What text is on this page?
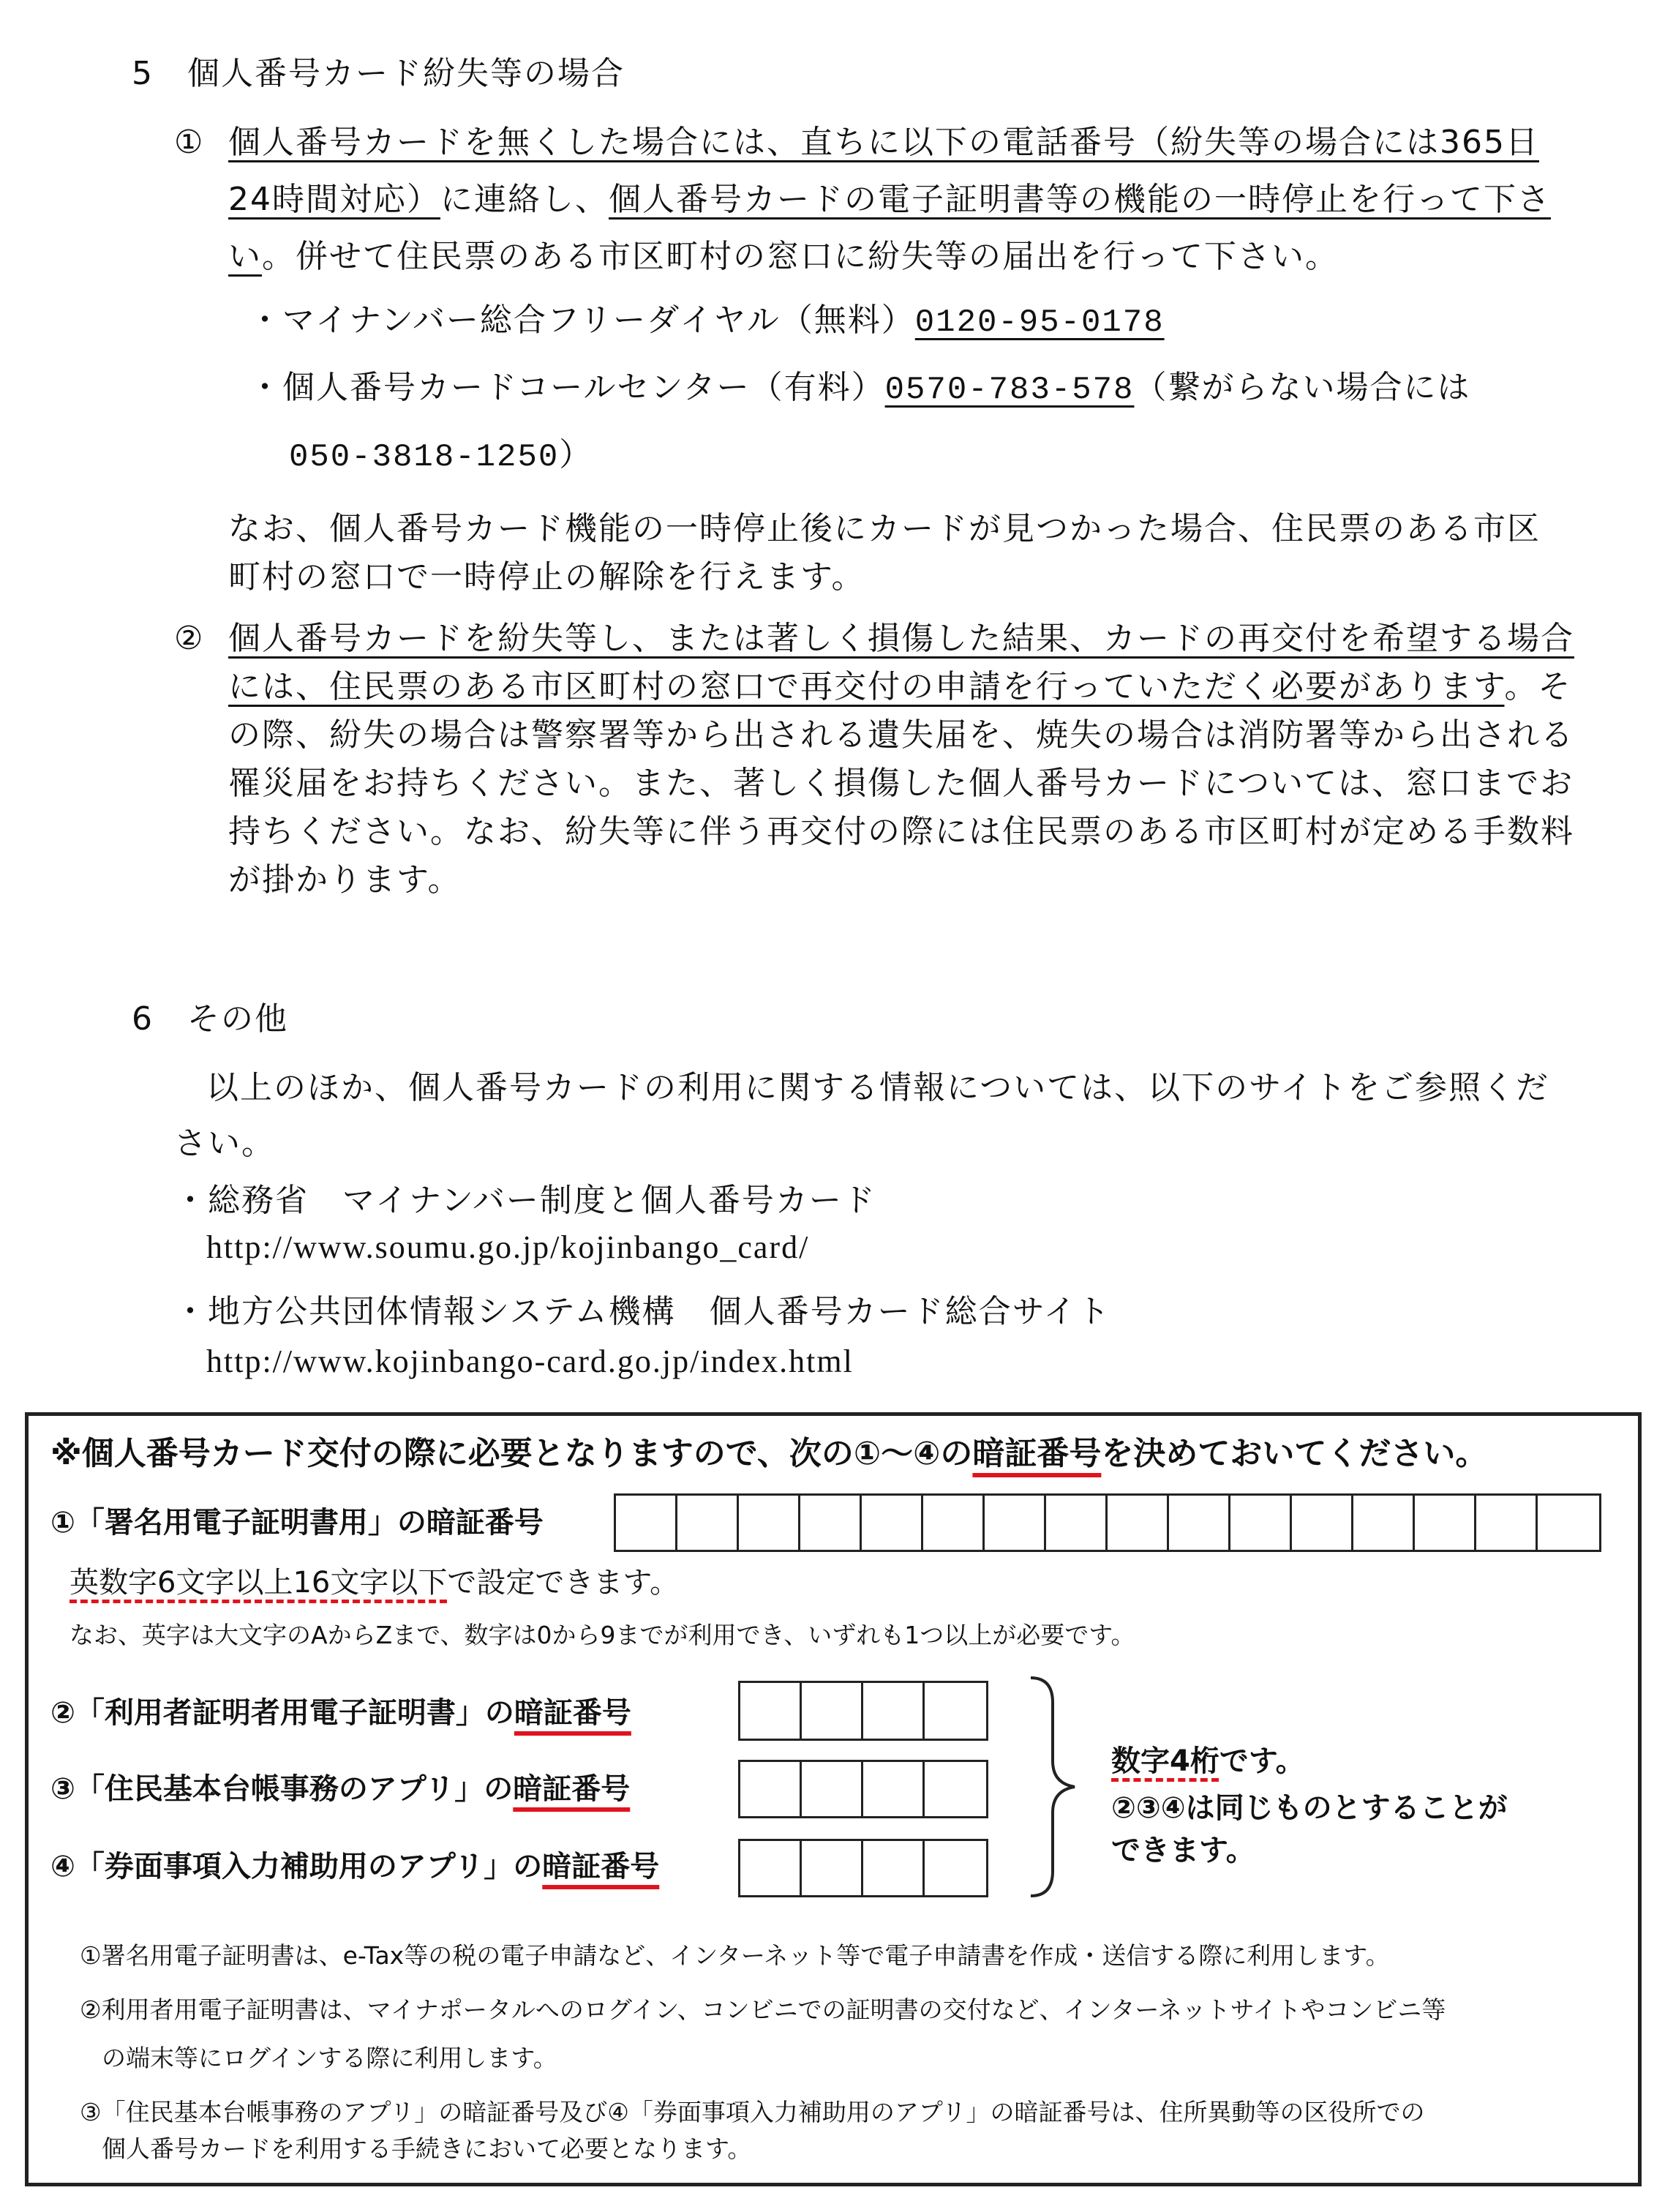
5　個人番号カード紛失等の場合
① 個人番号カードを無くした場合には、直ちに以下の電話番号（紛失等の場合には365日
24時間対応）に連絡し、個人番号カードの電子証明書等の機能の一時停止を行って下さ
い。併せて住民票のある市区町村の窓口に紛失等の届出を行って下さい。
・マイナンバー総合フリーダイヤル（無料）0120-95-0178
・個人番号カードコールセンター（有料）0570-783-578（繋がらない場合には
050-3818-1250）
なお、個人番号カード機能の一時停止後にカードが見つかった場合、住民票のある市区
町村の窓口で一時停止の解除を行えます。
② 個人番号カードを紛失等し、または著しく損傷した結果、カードの再交付を希望する場合
には、住民票のある市区町村の窓口で再交付の申請を行っていただく必要があります。そ
の際、紛失の場合は警察署等から出される遺失届を、焼失の場合は消防署等から出される
罹災届をお持ちください。また、著しく損傷した個人番号カードについては、窓口までお
持ちください。なお、紛失等に伴う再交付の際には住民票のある市区町村が定める手数料
が掛かります。
6　その他
以上のほか、個人番号カードの利用に関する情報については、以下のサイトをご参照くだ
さい。
・総務省　マイナンバー制度と個人番号カード
http://www.soumu.go.jp/kojinbango_card/
・地方公共団体情報システム機構　個人番号カード総合サイト
http://www.kojinbango-card.go.jp/index.html
※個人番号カード交付の際に必要となりますので、次の①～④の暗証番号を決めておいてください。
①「署名用電子証明書用」の暗証番号
英数字6文字以上16文字以下で設定できます。
なお、英字は大文字のAからZまで、数字は0から9までが利用でき、いずれも1つ以上が必要です。
②「利用者証明者用電子証明書」の暗証番号
③「住民基本台帳事務のアプリ」の暗証番号
④「券面事項入力補助用のアプリ」の暗証番号
数字4桁です。
②③④は同じものとすることが
できます。
①署名用電子証明書は、e-Tax等の税の電子申請など、インターネット等で電子申請書を作成・送信する際に利用します。
②利用者用電子証明書は、マイナポータルへのログイン、コンビニでの証明書の交付など、インターネットサイトやコンビニ等
の端末等にログインする際に利用します。
③「住民基本台帳事務のアプリ」の暗証番号及び④「券面事項入力補助用のアプリ」の暗証番号は、住所異動等の区役所での
個人番号カードを利用する手続きにおいて必要となります。
